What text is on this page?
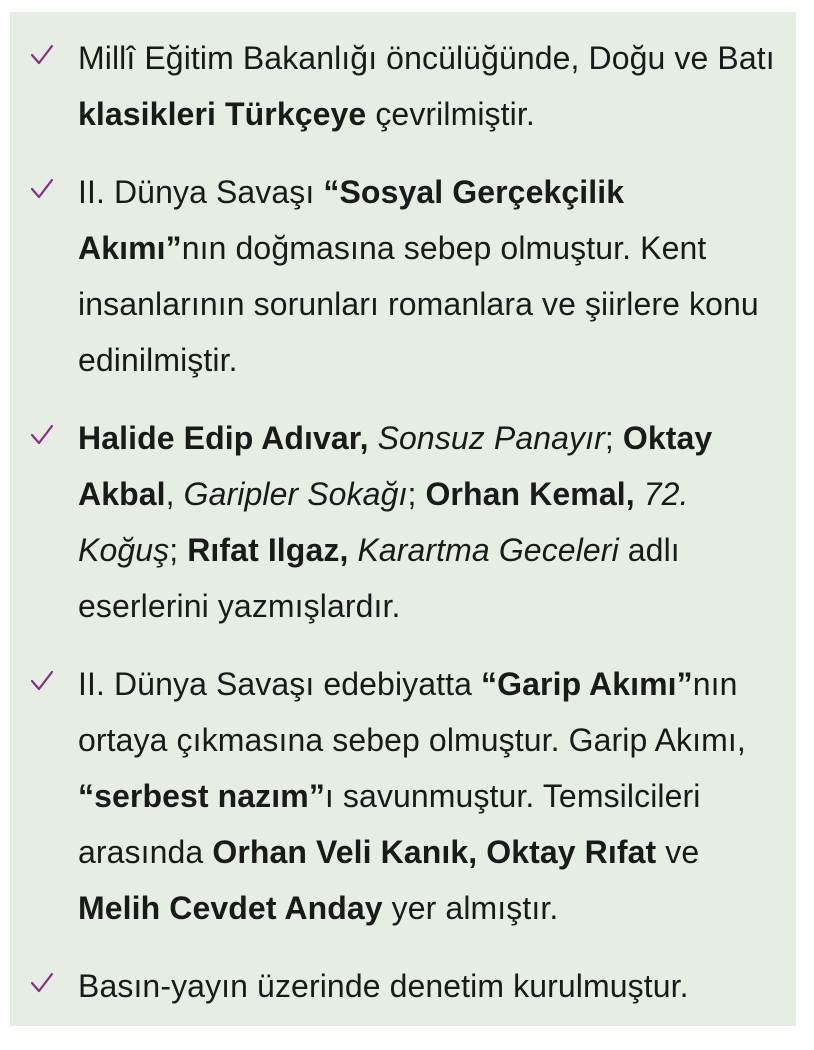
Millî Eğitim Bakanlığı öncülüğünde, Doğu ve Batı klasikleri Türkçeye çevrilmiştir.
II. Dünya Savaşı “Sosyal Gerçekçilik Akımı”nın doğmasına sebep olmuştur. Kent insanlarının sorunları romanlara ve şiirlere konu edinilmiştir.
Halide Edip Adıvar, Sonsuz Panayır; Oktay Akbal, Garipler Sokağı; Orhan Kemal, 72. Koğuş; Rıfat Ilgaz, Karartma Geceleri adlı eserlerini yazmışlardır.
II. Dünya Savaşı edebiyatta “Garip Akımı”nın ortaya çıkmasına sebep olmuştur. Garip Akımı, “serbest nazım”ı savunmuştur. Temsilcileri arasında Orhan Veli Kanık, Oktay Rıfat ve Melih Cevdet Anday yer almıştır.
Basın-yayın üzerinde denetim kurulmuştur.
